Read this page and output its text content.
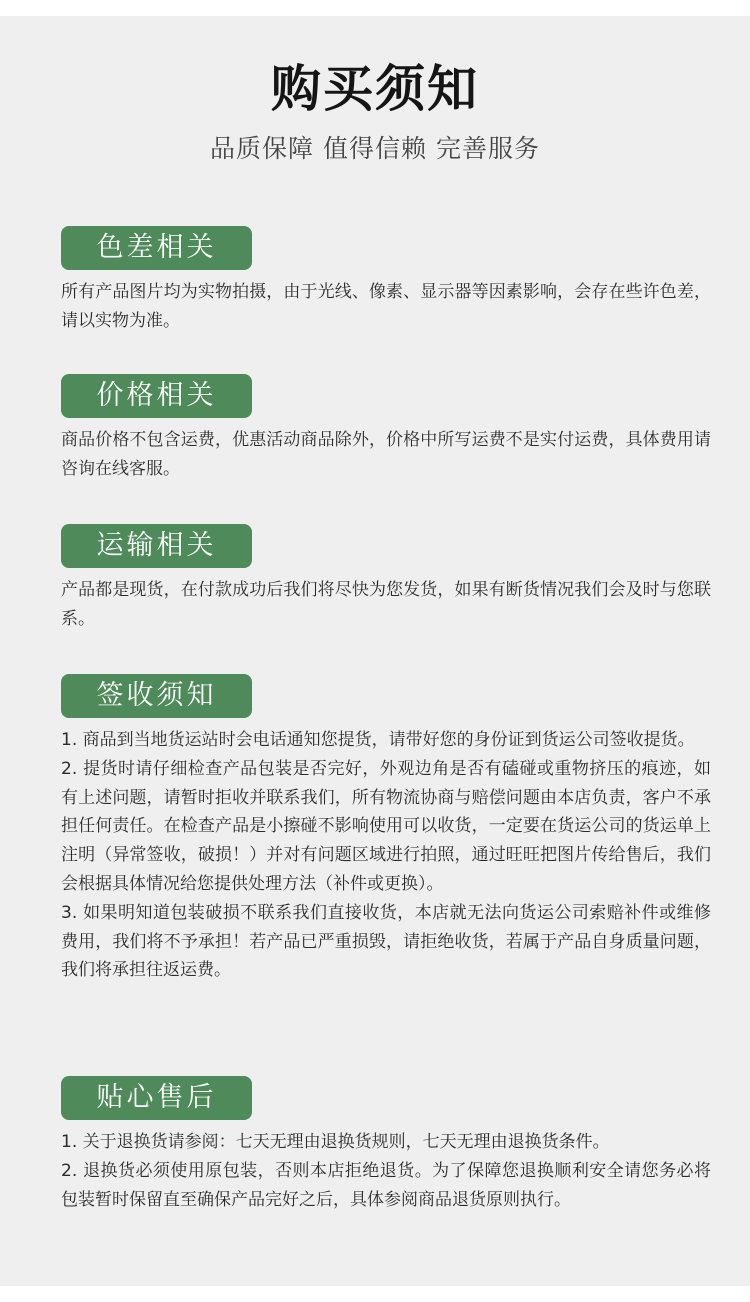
购买须知
品质保障 值得信赖 完善服务
色差相关

所有产品图片均为实物拍摄，由于光线、像素、显示器等因素影响，会存在些许色差，请以实物为准。

价格相关

商品价格不包含运费，优惠活动商品除外，价格中所写运费不是实付运费，具体费用请咨询在线客服。

运输相关

产品都是现货，在付款成功后我们将尽快为您发货，如果有断货情况我们会及时与您联系。

签收须知

1. 商品到当地货运站时会电话通知您提货，请带好您的身份证到货运公司签收提货。

2. 提货时请仔细检查产品包装是否完好，外观边角是否有磕碰或重物挤压的痕迹，如有上述问题，请暂时拒收并联系我们，所有物流协商与赔偿问题由本店负责，客户不承担任何责任。在检查产品是小擦碰不影响使用可以收货，一定要在货运公司的货运单上注明（异常签收，破损！）并对有问题区域进行拍照，通过旺旺把图片传给售后，我们会根据具体情况给您提供处理方法（补件或更换）。

3. 如果明知道包装破损不联系我们直接收货，本店就无法向货运公司索赔补件或维修费用，我们将不予承担！若产品已严重损毁，请拒绝收货，若属于产品自身质量问题，我们将承担往返运费。

贴心售后

1. 关于退换货请参阅：七天无理由退换货规则，七天无理由退换货条件。

2. 退换货必须使用原包装，否则本店拒绝退货。为了保障您退换顺利安全请您务必将包装暂时保留直至确保产品完好之后，具体参阅商品退货原则执行。
